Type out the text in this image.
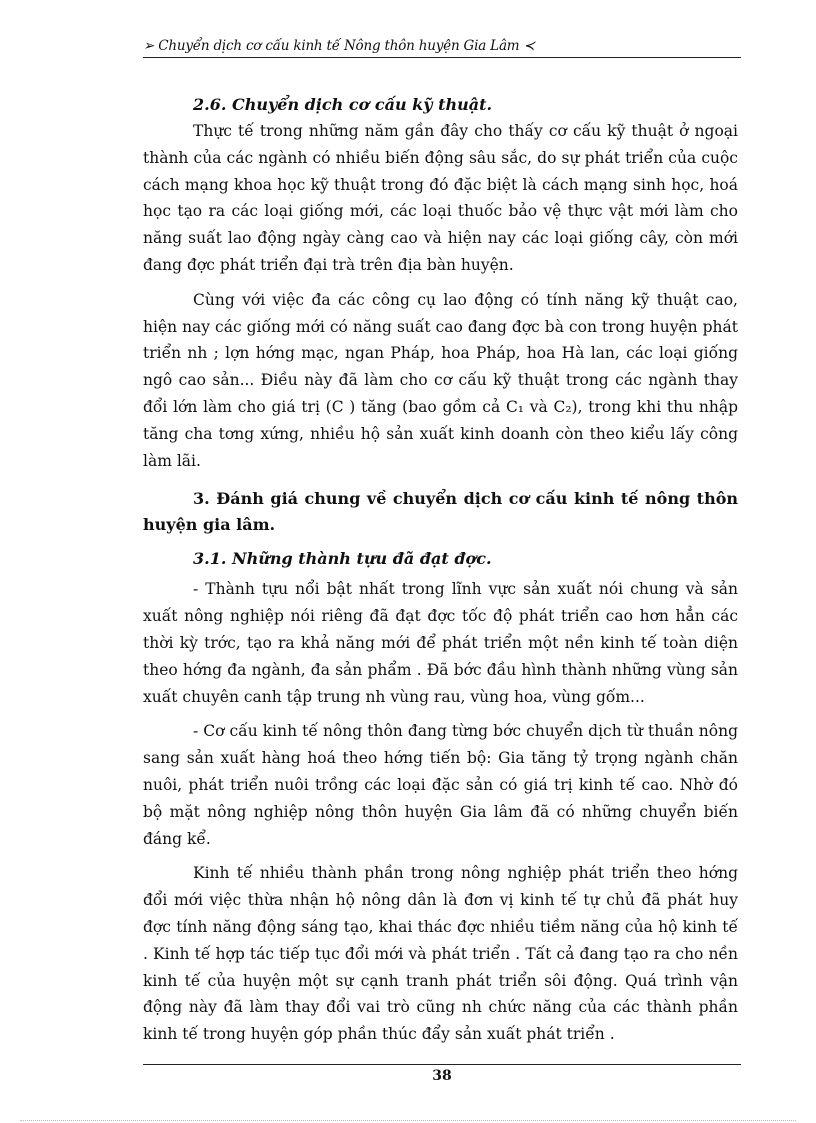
➢ Chuyển dịch cơ cấu kinh tế Nông thôn huyện Gia Lâm ≺
2.6. Chuyển dịch cơ cấu kỹ thuật.

Thực tế trong những năm gần đây cho thấy cơ cấu kỹ thuật ở ngoại thành của các ngành có nhiều biến động sâu sắc, do sự phát triển của cuộc cách mạng khoa học kỹ thuật trong đó đặc biệt là cách mạng sinh học, hoá học tạo ra các loại giống mới, các loại thuốc bảo vệ thực vật mới làm cho năng suất lao động ngày càng cao và hiện nay các loại giống cây, còn mới đang đợc phát triển đại trà trên địa bàn huyện.

Cùng với việc đa các công cụ lao động có tính năng kỹ thuật cao, hiện nay các giống mới có năng suất cao đang đợc bà con trong huyện phát triển nh ; lợn hớng mạc, ngan Pháp, hoa Pháp, hoa Hà lan, các loại giống ngô cao sản... Điều này đã làm cho cơ cấu kỹ thuật trong các ngành thay đổi lớn làm cho giá trị (C ) tăng (bao gồm cả C₁ và C₂), trong khi thu nhập tăng cha tơng xứng, nhiều hộ sản xuất kinh doanh còn theo kiểu lấy công làm lãi.

3. Đánh giá chung về chuyển dịch cơ cấu kinh tế nông thôn huyện gia lâm.
3.1. Những thành tựu đã đạt đợc.

- Thành tựu nổi bật nhất trong lĩnh vực sản xuất nói chung và sản xuất nông nghiệp nói riêng đã đạt đợc tốc độ phát triển cao hơn hẳn các thời kỳ trớc, tạo ra khả năng mới để phát triển một nền kinh tế toàn diện theo hớng đa ngành, đa sản phẩm . Đã bớc đầu hình thành những vùng sản xuất chuyên canh tập trung nh vùng rau, vùng hoa, vùng gốm...

- Cơ cấu kinh tế nông thôn đang từng bớc chuyển dịch từ thuần nông sang sản xuất hàng hoá theo hớng tiến bộ: Gia tăng tỷ trọng ngành chăn nuôi, phát triển nuôi trồng các loại đặc sản có giá trị kinh tế cao. Nhờ đó bộ mặt nông nghiệp nông thôn huyện Gia lâm đã có những chuyển biến đáng kể.

Kinh tế nhiều thành phần trong nông nghiệp phát triển theo hớng đổi mới việc thừa nhận hộ nông dân là đơn vị kinh tế tự chủ đã phát huy đợc tính năng động sáng tạo, khai thác đợc nhiều tiềm năng của hộ kinh tế . Kinh tế hợp tác tiếp tục đổi mới và phát triển . Tất cả đang tạo ra cho nền kinh tế của huyện một sự cạnh tranh phát triển sôi động. Quá trình vận động này đã làm thay đổi vai trò cũng nh chức năng của các thành phần kinh tế trong huyện góp phần thúc đẩy sản xuất phát triển .

38
